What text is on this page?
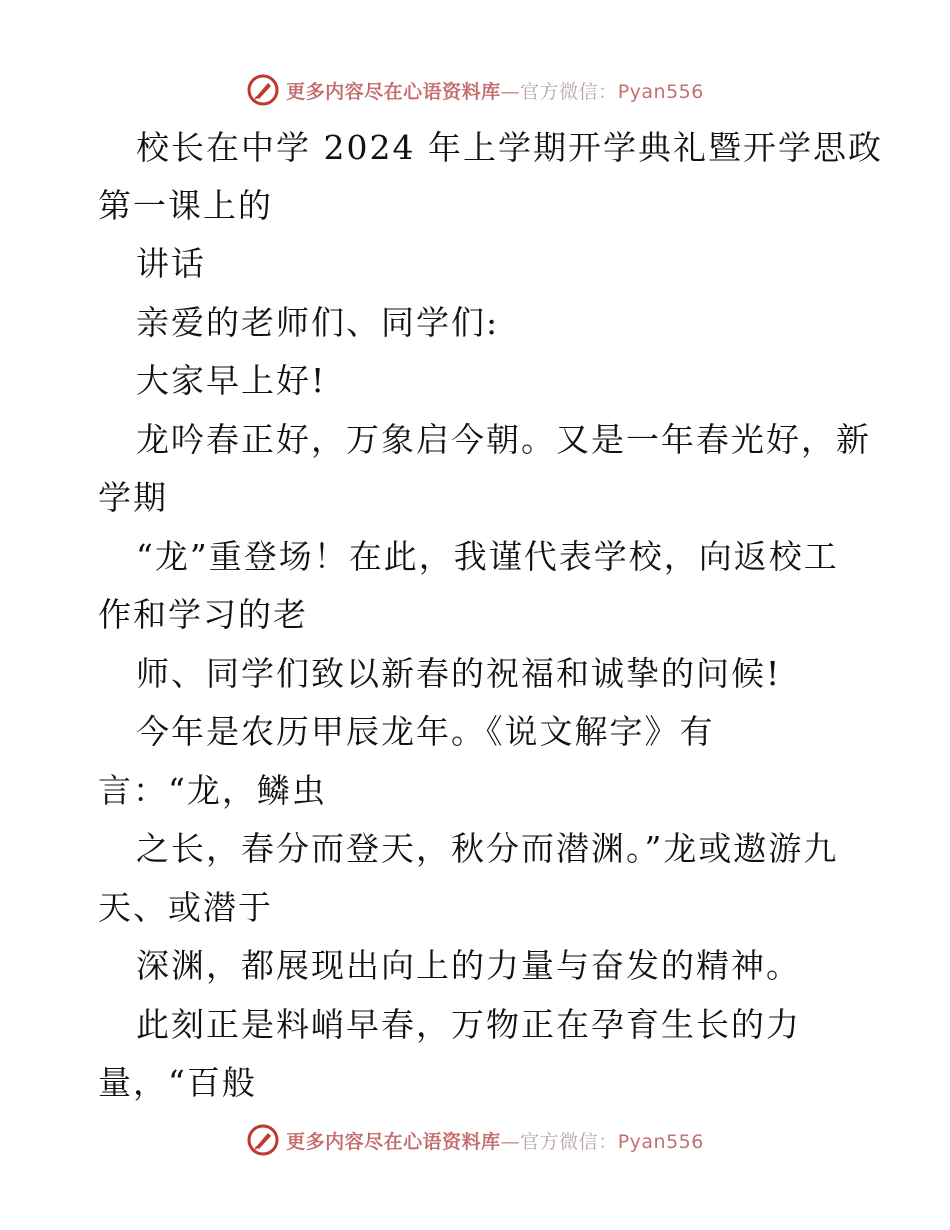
更多内容尽在心语资料库—官方微信：Pyan556
校长在中学 2024 年上学期开学典礼暨开学思政
第一课上的
讲话
亲爱的老师们、同学们:
大家早上好!
龙吟春正好，万象启今朝。又是一年春光好，新
学期
“龙”重登场！在此，我谨代表学校，向返校工
作和学习的老
师、同学们致以新春的祝福和诚挚的问候!
今年是农历甲辰龙年。《说文解字》有
言：“龙，鳞虫
之长，春分而登天，秋分而潜渊。”龙或遨游九
天、或潜于
深渊，都展现出向上的力量与奋发的精神。
此刻正是料峭早春，万物正在孕育生长的力
量，“百般
更多内容尽在心语资料库—官方微信：Pyan556
